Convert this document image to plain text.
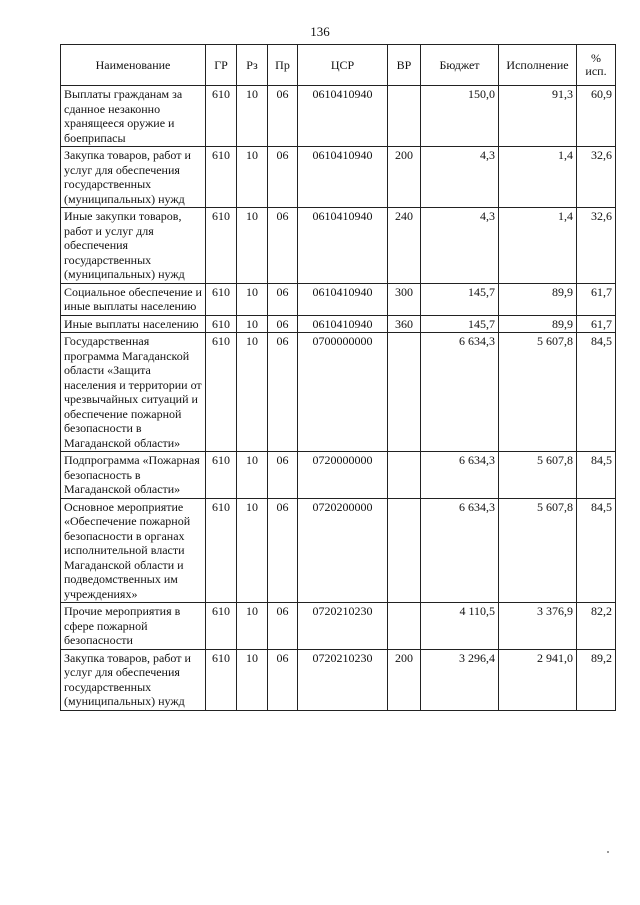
136
Наименование	ГР	Рз	Пр	ЦСР	ВР	Бюджет	Исполнение	% исп.
Выплаты гражданам за сданное незаконно хранящееся оружие и боеприпасы	610	10	06	0610410940		150,0	91,3	60,9
Закупка товаров, работ и услуг для обеспечения государственных (муниципальных) нужд	610	10	06	0610410940	200	4,3	1,4	32,6
Иные закупки товаров, работ и услуг для обеспечения государственных (муниципальных) нужд	610	10	06	0610410940	240	4,3	1,4	32,6
Социальное обеспечение и иные выплаты населению	610	10	06	0610410940	300	145,7	89,9	61,7
Иные выплаты населению	610	10	06	0610410940	360	145,7	89,9	61,7
Государственная программа Магаданской области «Защита населения и территории от чрезвычайных ситуаций и обеспечение пожарной безопасности в Магаданской области»	610	10	06	0700000000		6 634,3	5 607,8	84,5
Подпрограмма «Пожарная безопасность в Магаданской области»	610	10	06	0720000000		6 634,3	5 607,8	84,5
Основное мероприятие «Обеспечение пожарной безопасности в органах исполнительной власти Магаданской области и подведомственных им учреждениях»	610	10	06	0720200000		6 634,3	5 607,8	84,5
Прочие мероприятия в сфере пожарной безопасности	610	10	06	0720210230		4 110,5	3 376,9	82,2
Закупка товаров, работ и услуг для обеспечения государственных (муниципальных) нужд	610	10	06	0720210230	200	3 296,4	2 941,0	89,2
